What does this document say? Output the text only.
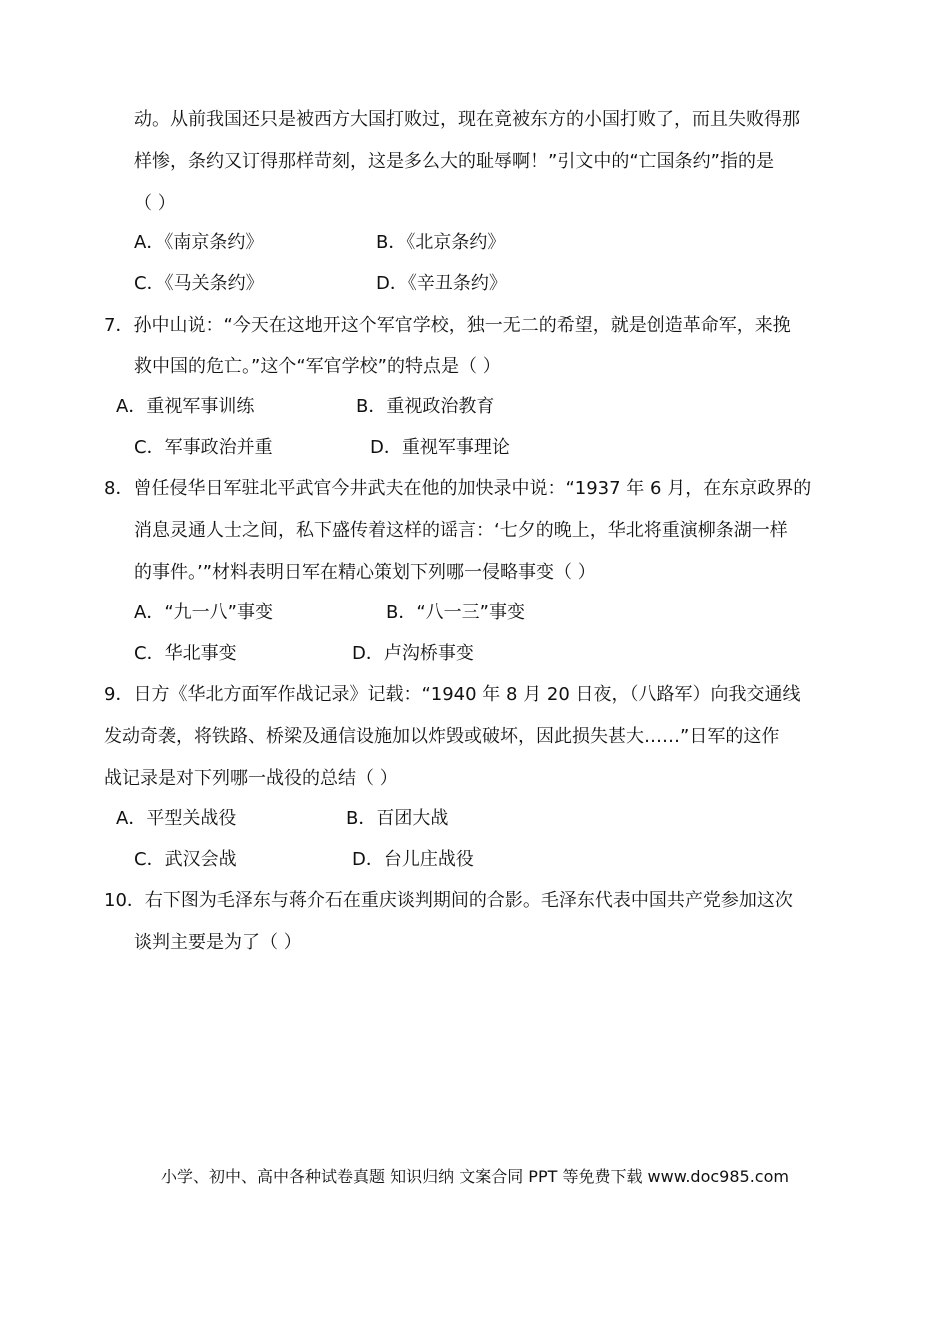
动。从前我国还只是被西方大国打败过，现在竟被东方的小国打败了，而且失败得那
样惨，条约又订得那样苛刻，这是多么大的耻辱啊！”引文中的“亡国条约”指的是
（ ）
A．《南京条约》	B．《北京条约》
C．《马关条约》	D．《辛丑条约》
7．孙中山说：“今天在这地开这个军官学校，独一无二的希望，就是创造革命军，来挽
救中国的危亡。”这个“军官学校”的特点是（ ）
A．重视军事训练	B．重视政治教育
C．军事政治并重	D．重视军事理论
8．曾任侵华日军驻北平武官今井武夫在他的加快录中说：“1937 年 6 月，在东京政界的
消息灵通人士之间，私下盛传着这样的谣言：‘七夕的晚上，华北将重演柳条湖一样
的事件。’”材料表明日军在精心策划下列哪一侵略事变（ ）
A．“九一八”事变	B．“八一三”事变
C．华北事变	D．卢沟桥事变
9．日方《华北方面军作战记录》记载：“1940 年 8 月 20 日夜，（八路军）向我交通线
发动奇袭，将铁路、桥梁及通信设施加以炸毁或破坏，因此损失甚大……”日军的这作
战记录是对下列哪一战役的总结（ ）
A．平型关战役	B．百团大战
C．武汉会战	D．台儿庄战役
10．右下图为毛泽东与蒋介石在重庆谈判期间的合影。毛泽东代表中国共产党参加这次
谈判主要是为了（ ）
小学、初中、高中各种试卷真题 知识归纳 文案合同 PPT 等免费下载 www.doc985.com
